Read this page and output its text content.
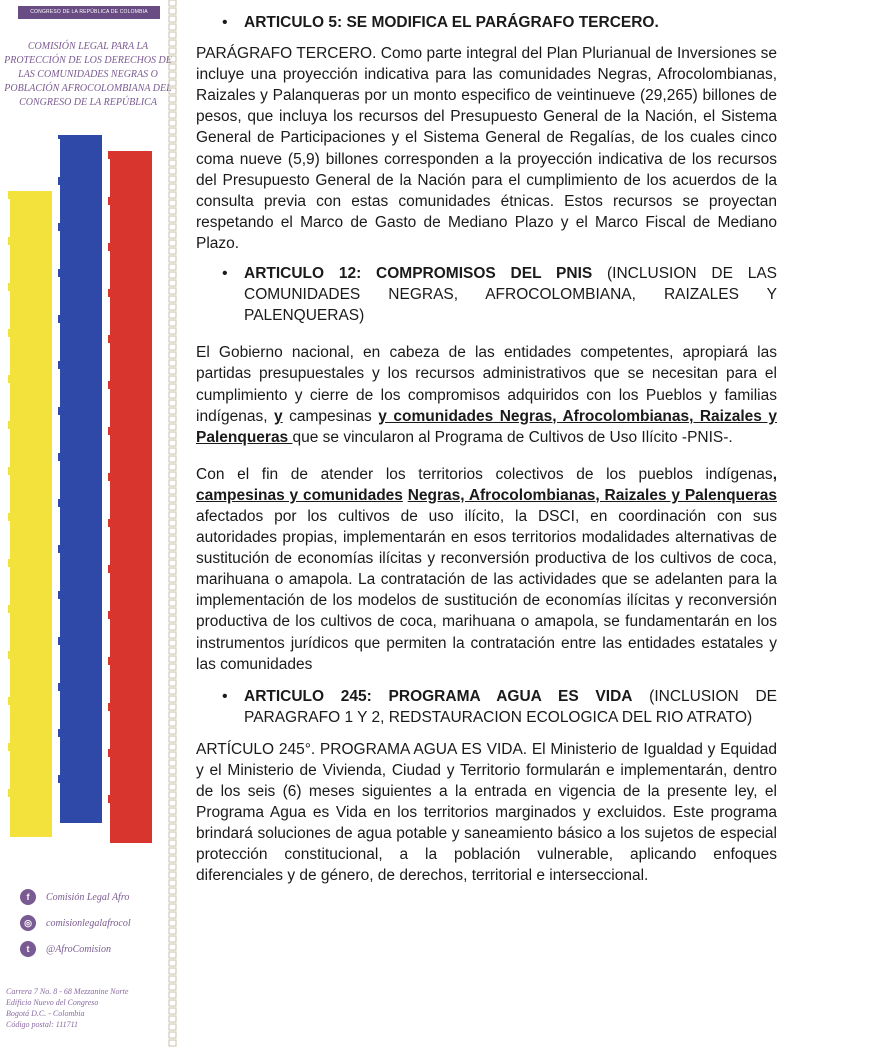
CONGRESO DE LA REPÚBLICA DE COLOMBIA
COMISIÓN LEGAL PARA LA
PROTECCIÓN DE LOS DERECHOS DE
LAS COMUNIDADES NEGRAS O
POBLACIÓN AFROCOLOMBIANA DEL
CONGRESO DE LA REPÚBLICA
f	Comisión Legal Afro
◎	comisionlegalafrocol
t	@AfroComision
Carrera 7 No. 8 - 68 Mezzanine Norte
Edificio Nuevo del Congreso
Bogotá D.C. - Colombia
Código postal: 111711
• ARTICULO 5: SE MODIFICA EL PARÁGRAFO TERCERO.

PARÁGRAFO TERCERO. Como parte integral del Plan Plurianual de Inversiones se incluye una proyección indicativa para las comunidades Negras, Afrocolombianas, Raizales y Palanqueras por un monto especifico de veintinueve (29,265) billones de pesos, que incluya los recursos del Presupuesto General de la Nación, el Sistema General de Participaciones y el Sistema General de Regalías, de los cuales cinco coma nueve (5,9) billones corresponden a la proyección indicativa de los recursos del Presupuesto General de la Nación para el cumplimiento de los acuerdos de la consulta previa con estas comunidades étnicas. Estos recursos se proyectan respetando el Marco de Gasto de Mediano Plazo y el Marco Fiscal de Mediano Plazo.

• ARTICULO 12: COMPROMISOS DEL PNIS (INCLUSION DE LAS COMUNIDADES NEGRAS, AFROCOLOMBIANA, RAIZALES Y PALENQUERAS)

El Gobierno nacional, en cabeza de las entidades competentes, apropiará las partidas presupuestales y los recursos administrativos que se necesitan para el cumplimiento y cierre de los compromisos adquiridos con los Pueblos y familias indígenas, y campesinas y comunidades Negras, Afrocolombianas, Raizales y Palenqueras que se vincularon al Programa de Cultivos de Uso Ilícito -PNIS-.

Con el fin de atender los territorios colectivos de los pueblos indígenas, campesinas y comunidades Negras, Afrocolombianas, Raizales y Palenqueras afectados por los cultivos de uso ilícito, la DSCI, en coordinación con sus autoridades propias, implementarán en esos territorios modalidades alternativas de sustitución de economías ilícitas y reconversión productiva de los cultivos de coca, marihuana o amapola. La contratación de las actividades que se adelanten para la implementación de los modelos de sustitución de economías ilícitas y reconversión productiva de los cultivos de coca, marihuana o amapola, se fundamentarán en los instrumentos jurídicos que permiten la contratación entre las entidades estatales y las comunidades

• ARTICULO 245: PROGRAMA AGUA ES VIDA (INCLUSION DE PARAGRAFO 1 Y 2, REDSTAURACION ECOLOGICA DEL RIO ATRATO)

ARTÍCULO 245°. PROGRAMA AGUA ES VIDA. El Ministerio de Igualdad y Equidad y el Ministerio de Vivienda, Ciudad y Territorio formularán e implementarán, dentro de los seis (6) meses siguientes a la entrada en vigencia de la presente ley, el Programa Agua es Vida en los territorios marginados y excluidos. Este programa brindará soluciones de agua potable y saneamiento básico a los sujetos de especial protección constitucional, a la población vulnerable, aplicando enfoques diferenciales y de género, de derechos, territorial e interseccional.
